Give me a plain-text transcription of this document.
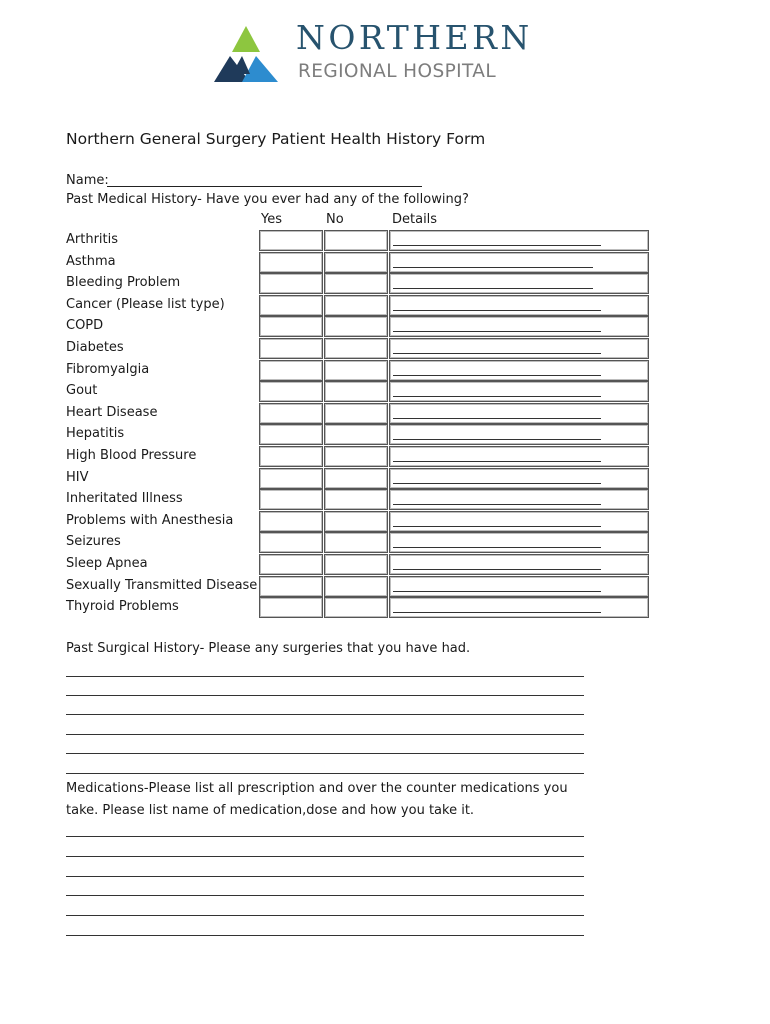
NORTHERN
REGIONAL HOSPITAL
Northern General Surgery Patient Health History Form
Name:
Past Medical History- Have you ever had any of the following?
Yes	No	Details
Arthritis
Asthma
Bleeding Problem
Cancer (Please list type)
COPD
Diabetes
Fibromyalgia
Gout
Heart Disease
Hepatitis
High Blood Pressure
HIV
Inheritated Illness
Problems with Anesthesia
Seizures
Sleep Apnea
Sexually Transmitted Disease
Thyroid Problems
Past Surgical History- Please any surgeries that you have had.
Medications-Please list all prescription and over the counter medications you
take. Please list name of medication,dose and how you take it.
